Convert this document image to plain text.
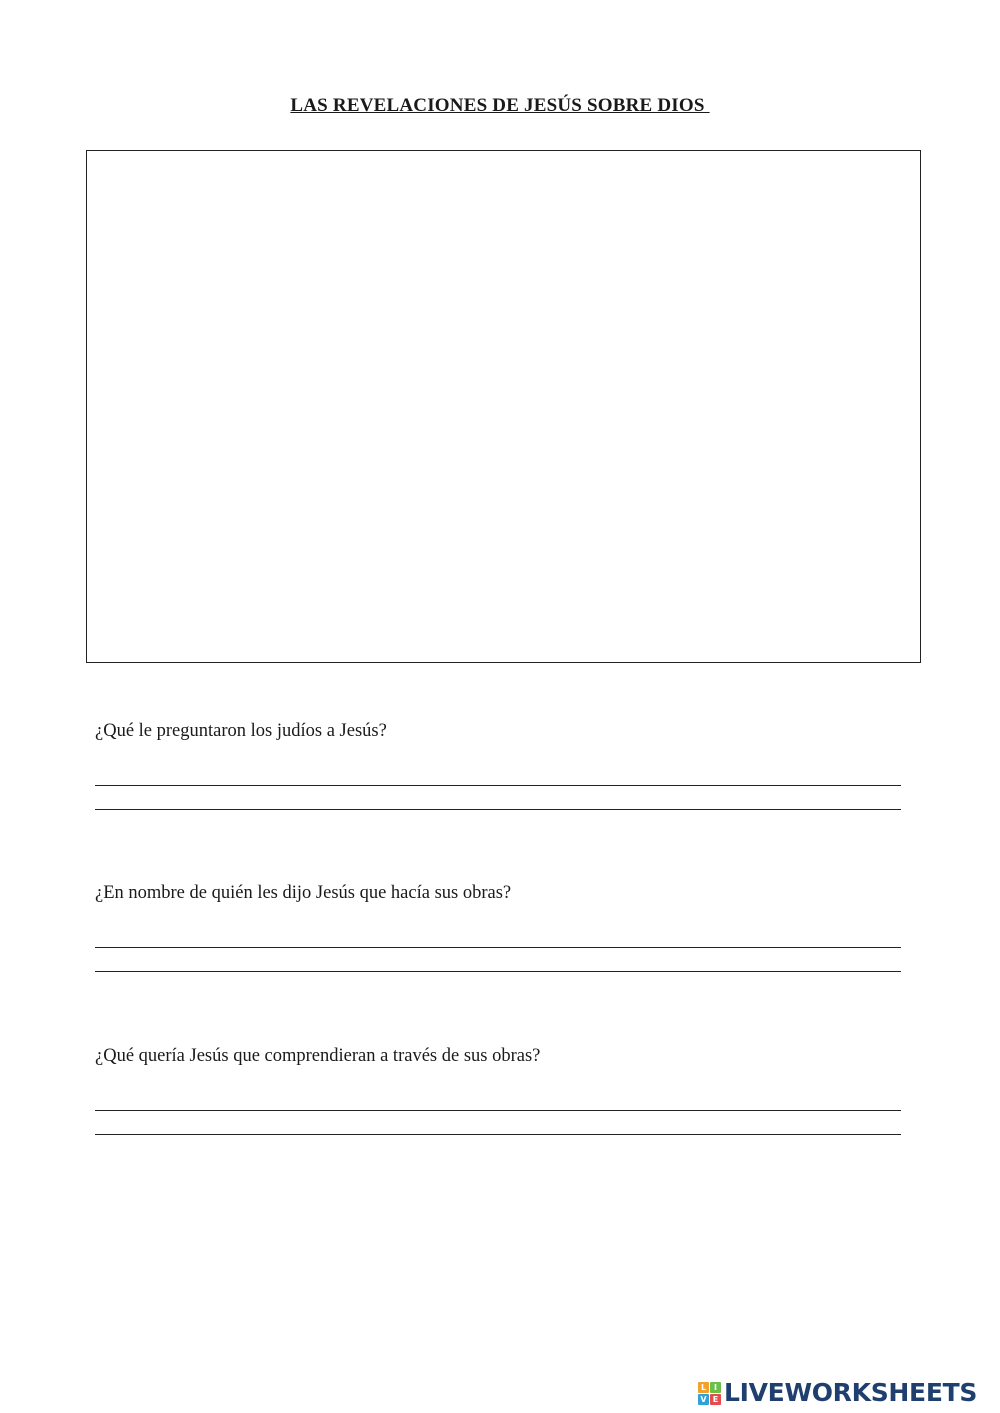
LAS REVELACIONES DE JESÚS SOBRE DIOS
¿Qué le preguntaron los judíos a Jesús?
¿En nombre de quién les dijo Jesús que hacía sus obras?
¿Qué quería Jesús que comprendieran a través de sus obras?
L I
V E LIVEWORKSHEETS
